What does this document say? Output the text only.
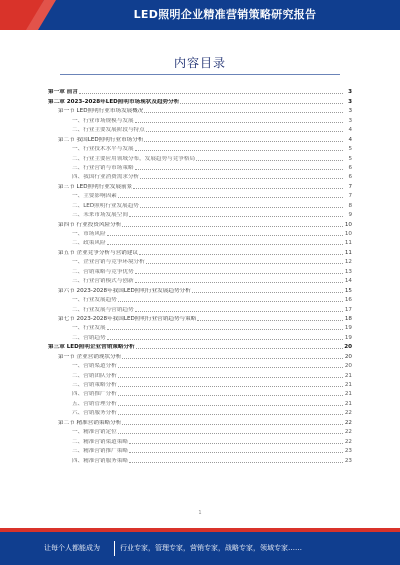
LED照明企业精准营销策略研究报告
内容目录
第一章 前言	3
第二章 2023-2028年LED照明市场现状及趋势分析	3
第一节 LED照明行业市场发展概况	3
一、行业市场规模与发展	3
二、行业主要发展阶段与特点	4
第二节 我国LED照明行业市场分析	4
一、行业技术水平与发展	5
二、行业主要应用领域分布，发展趋势与竞争格局	5
三、行业营销与市场策略	6
四、我国行业消费需求分析	6
第三节 LED照明行业发展前景	7
一、主要影响因素	7
二、LED照明行业发展趋势	8
三、未来市场发展空间	9
第四节 行业投资风险分析	10
一、市场风险	10
二、政策风险	11
第五节 企业竞争分析与营销建议	11
一、企业营销与竞争环境分析	12
二、营销策略与竞争优势	13
三、行业营销模式与创新	14
第六节 2023-2028年我国LED照明行业发展趋势分析	15
一、行业发展趋势	16
二、行业发展与营销趋势	17
第七节 2023-2028年我国LED照明行业营销趋势与策略	18
一、行业发展	19
二、营销趋势	19
第三章 LED照明企业营销策略分析	20
第一节 企业营销现状分析	20
一、营销渠道分析	20
二、营销团队分析	21
三、营销策略分析	21
四、营销推广分析	21
五、营销管理分析	21
六、营销服务分析	22
第二节 精准营销策略分析	22
一、精准营销定位	22
二、精准营销渠道策略	22
三、精准营销推广策略	23
四、精准营销服务策略	23
1
让每个人都能成为	行业专家，管理专家，营销专家，战略专家，领域专家……
